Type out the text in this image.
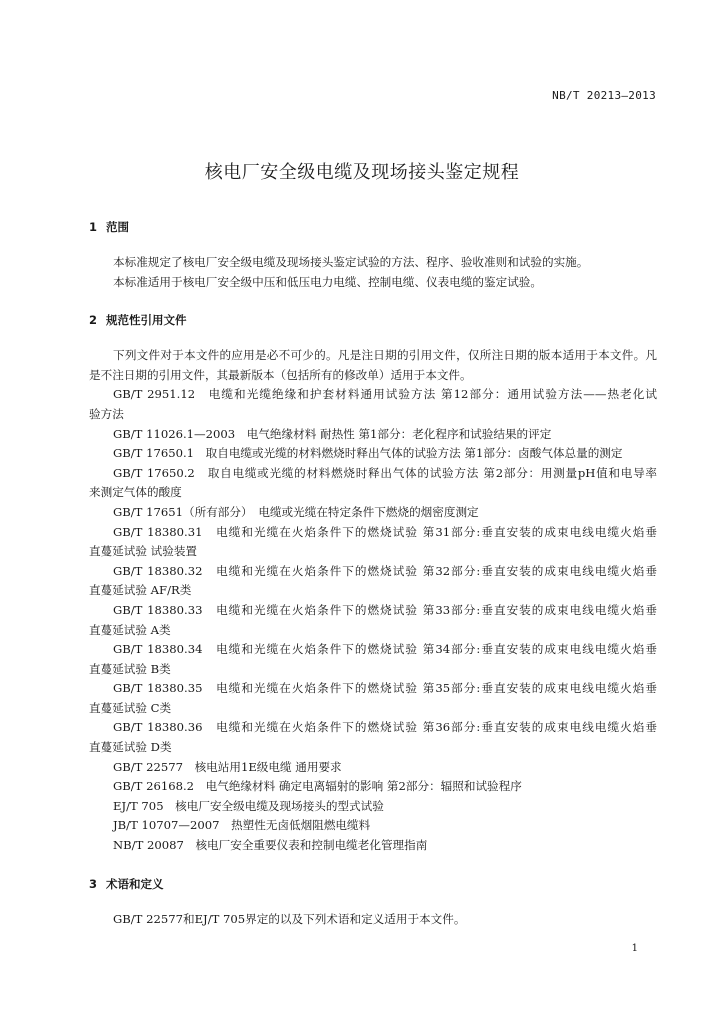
NB/T 20213—2013
核电厂安全级电缆及现场接头鉴定规程
1 范围

本标准规定了核电厂安全级电缆及现场接头鉴定试验的方法、程序、验收准则和试验的实施。

本标准适用于核电厂安全级中压和低压电力电缆、控制电缆、仪表电缆的鉴定试验。

2 规范性引用文件

下列文件对于本文件的应用是必不可少的。凡是注日期的引用文件，仅所注日期的版本适用于本文件。凡是不注日期的引用文件，其最新版本（包括所有的修改单）适用于本文件。

GB/T 2951.12　电缆和光缆绝缘和护套材料通用试验方法 第12部分：通用试验方法——热老化试
验方法
GB/T 11026.1—2003　电气绝缘材料 耐热性 第1部分：老化程序和试验结果的评定
GB/T 17650.1　取自电缆或光缆的材料燃烧时释出气体的试验方法 第1部分：卤酸气体总量的测定
GB/T 17650.2　取自电缆或光缆的材料燃烧时释出气体的试验方法 第2部分：用测量pH值和电导率
来测定气体的酸度
GB/T 17651（所有部分）　电缆或光缆在特定条件下燃烧的烟密度测定
GB/T 18380.31　电缆和光缆在火焰条件下的燃烧试验 第31部分:垂直安装的成束电线电缆火焰垂
直蔓延试验 试验装置
GB/T 18380.32　电缆和光缆在火焰条件下的燃烧试验 第32部分:垂直安装的成束电线电缆火焰垂
直蔓延试验 AF/R类
GB/T 18380.33　电缆和光缆在火焰条件下的燃烧试验 第33部分:垂直安装的成束电线电缆火焰垂
直蔓延试验 A类
GB/T 18380.34　电缆和光缆在火焰条件下的燃烧试验 第34部分:垂直安装的成束电线电缆火焰垂
直蔓延试验 B类
GB/T 18380.35　电缆和光缆在火焰条件下的燃烧试验 第35部分:垂直安装的成束电线电缆火焰垂
直蔓延试验 C类
GB/T 18380.36　电缆和光缆在火焰条件下的燃烧试验 第36部分:垂直安装的成束电线电缆火焰垂
直蔓延试验 D类
GB/T 22577　核电站用1E级电缆 通用要求
GB/T 26168.2　电气绝缘材料 确定电离辐射的影响 第2部分：辐照和试验程序
EJ/T 705　核电厂安全级电缆及现场接头的型式试验
JB/T 10707—2007　热塑性无卤低烟阻燃电缆料
NB/T 20087　核电厂安全重要仪表和控制电缆老化管理指南
3 术语和定义

GB/T 22577和EJ/T 705界定的以及下列术语和定义适用于本文件。

1
